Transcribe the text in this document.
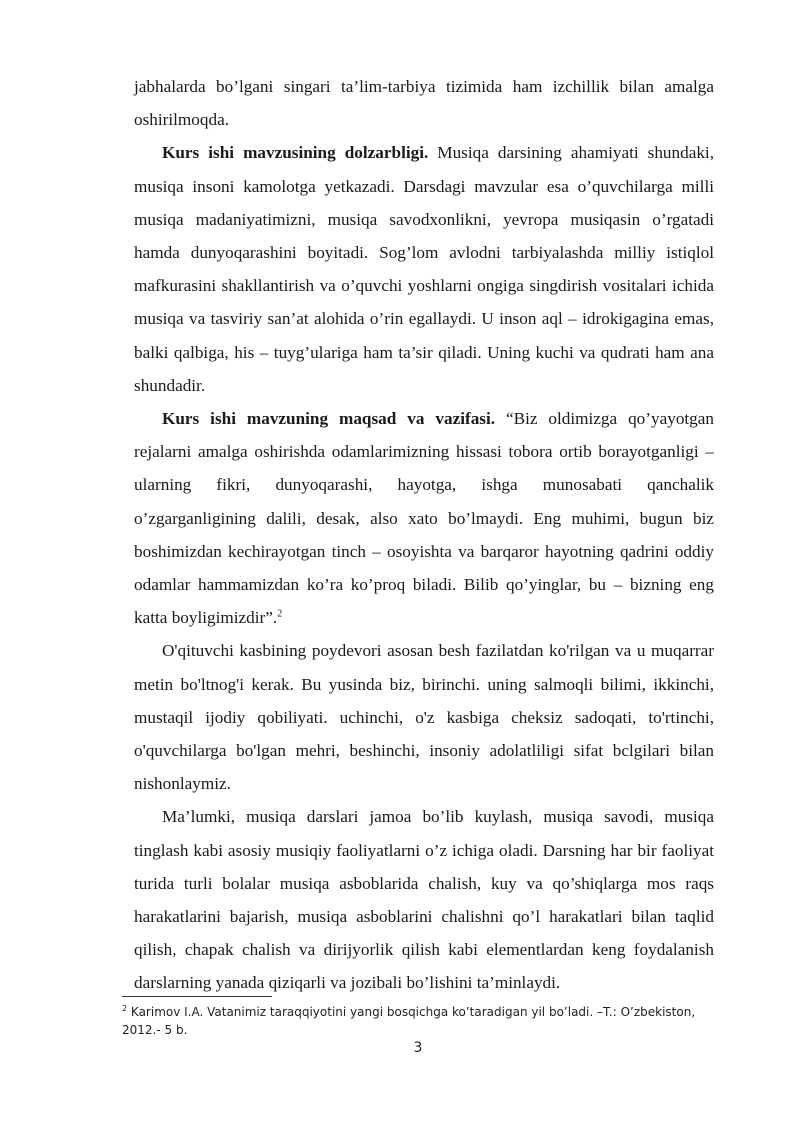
jabhalarda bo’lgani singari ta’lim-tarbiya tizimida ham izchillik bilan amalga oshirilmoqda.

Kurs ishi mavzusining dolzarbligi. Musiqa darsining ahamiyati shundaki, musiqa insoni kamolotga yetkazadi. Darsdagi mavzular esa o’quvchilarga milli musiqa madaniyatimizni, musiqa savodxonlikni, yevropa musiqasin o’rgatadi hamda dunyoqarashini boyitadi. Sog’lom avlodni tarbiyalashda milliy istiqlol mafkurasini shakllantirish va o’quvchi yoshlarni ongiga singdirish vositalari ichida musiqa va tasviriy san’at alohida o’rin egallaydi. U inson aql – idrokigagina emas, balki qalbiga, his – tuyg’ulariga ham ta’sir qiladi. Uning kuchi va qudrati ham ana shundadir.

Kurs ishi mavzuning maqsad va vazifasi. “Biz oldimizga qo’yayotgan rejalarni amalga oshirishda odamlarimizning hissasi tobora ortib borayotganligi – ularning fikri, dunyoqarashi, hayotga, ishga munosabati qanchalik o’zgarganligining dalili, desak, also xato bo’lmaydi. Eng muhimi, bugun biz boshimizdan kechirayotgan tinch – osoyishta va barqaror hayotning qadrini oddiy odamlar hammamizdan ko’ra ko’proq biladi. Bilib qo’yinglar, bu – bizning eng katta boyligimizdir”.$^2$

O'qituvchi kasbining poydevori asosan besh fazilatdan ko'rilgan va u muqarrar metin bo'ltnog'i kerak. Bu yusinda biz, birinchi. uning salmoqli bilimi, ikkinchi, mustaqil ijodiy qobiliyati. uchinchi, o'z kasbiga cheksiz sadoqati, to'rtinchi, o'quvchilarga bo'lgan mehri, beshinchi, insoniy adolatliligi sifat bclgilari bilan nishonlaymiz.

Ma’lumki, musiqa darslari jamoa bo’lib kuylash, musiqa savodi, musiqa tinglash kabi asosiy musiqiy faoliyatlarni o’z ichiga oladi. Darsning har bir faoliyat turida turli bolalar musiqa asboblarida chalish, kuy va qo’shiqlarga mos raqs harakatlarini bajarish, musiqa asboblarini chalishni qo’l harakatlari bilan taqlid qilish, chapak chalish va dirijyorlik qilish kabi elementlardan keng foydalanish darslarning yanada qiziqarli va jozibali bo’lishini ta’minlaydi.

$^2$ Karimov I.A. Vatanimiz taraqqiyotini yangi bosqichga ko’taradigan yil bo’ladi. –T.: O’zbekiston, 2012.- 5 b.
3
